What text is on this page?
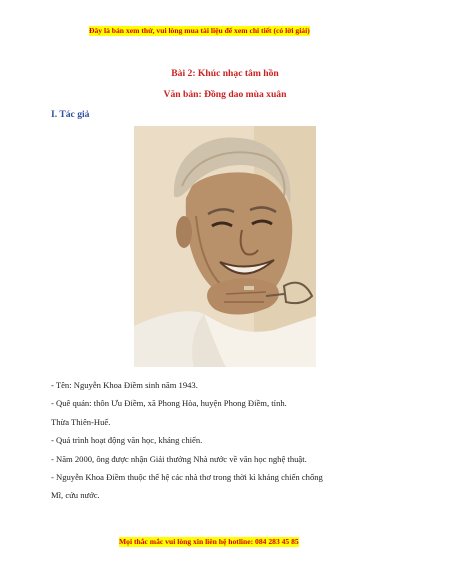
Đây là bản xem thử, vui lòng mua tài liệu để xem chi tiết (có lời giải)
Bài 2: Khúc nhạc tâm hồn
Văn bản: Đồng dao mùa xuân
I. Tác giả

- Tên: Nguyễn Khoa Điềm sinh năm 1943.

- Quê quán: thôn Ưu Điềm, xã Phong Hòa, huyện Phong Điềm, tỉnh.

Thừa Thiên-Huế.

- Quá trình hoạt động văn học, kháng chiến.

- Năm 2000, ông được nhận Giải thưởng Nhà nước về văn học nghệ thuật.

- Nguyễn Khoa Điềm thuộc thế hệ các nhà thơ trong thời kì kháng chiến chống

Mĩ, cứu nước.

Mọi thắc mắc vui lòng xin liên hệ hotline: 084 283 45 85
